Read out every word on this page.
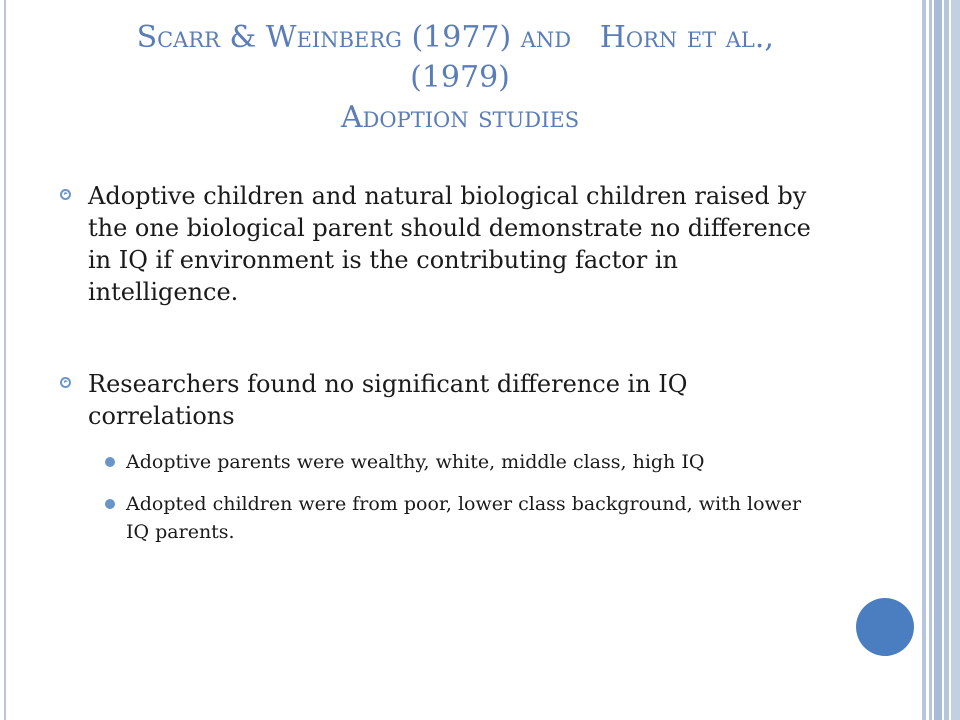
Scarr & Weinberg (1977) and   Horn et al.,
(1979)
Adoption studies
Adoptive children and natural biological children raised by the one biological parent should demonstrate no difference in IQ if environment is the contributing factor in intelligence.
Researchers found no significant difference in IQ correlations
Adoptive parents were wealthy, white, middle class, high IQ
Adopted children were from poor, lower class background, with lower IQ parents.
